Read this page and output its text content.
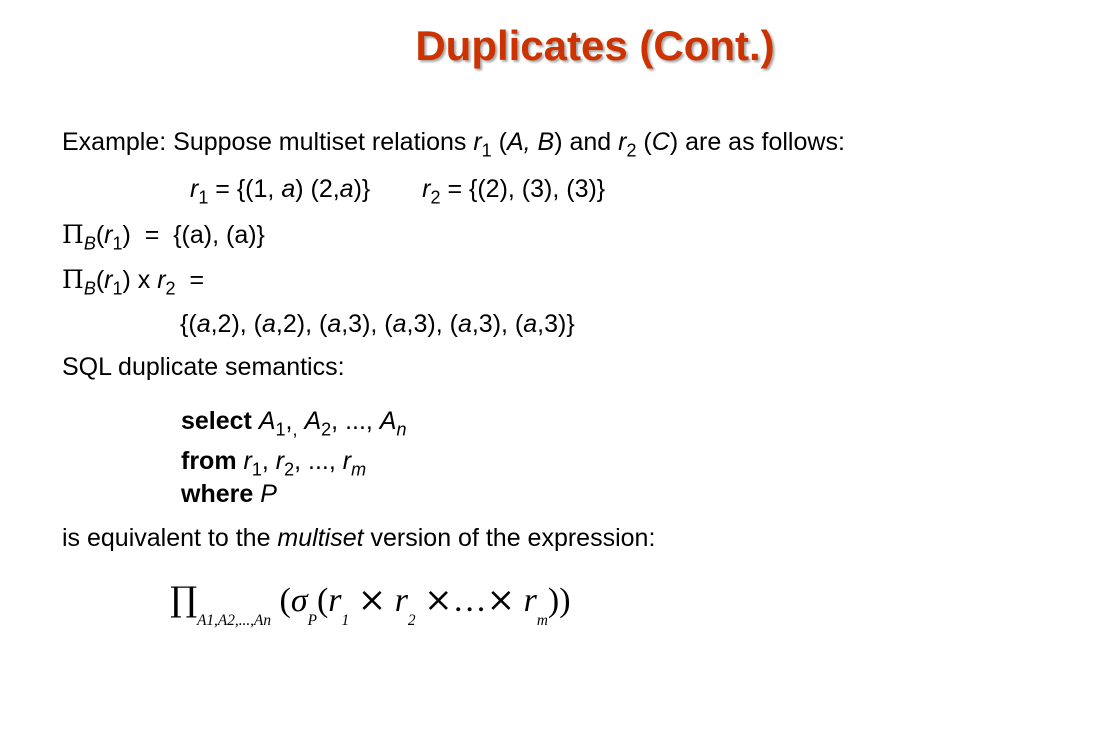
Duplicates (Cont.)
Example: Suppose multiset relations $r_1$ (A, B) and $r_2$ (C) are as follows:
$r_1 = \{(1$, a) (2,a)} $r_2 = \{(2)$, (3), (3)}
$\Pi_B(r_1) = \{(a)$, (a)}
$\Pi_B(r_1)$ x $r_2$  =
{(a,2), (a,2), (a,3), (a,3), (a,3), (a,3)}
SQL duplicate semantics:
select $A_1,_,$ $A_2$, ..., $A_n$
from $r_1$, $r_2$, ..., $r_m$
where P
is equivalent to the multiset version of the expression:
$\prod_{A1,A2,...,An}$ ($\sigma_P(r_1 \times r_2$ ×…× $r_m$))
